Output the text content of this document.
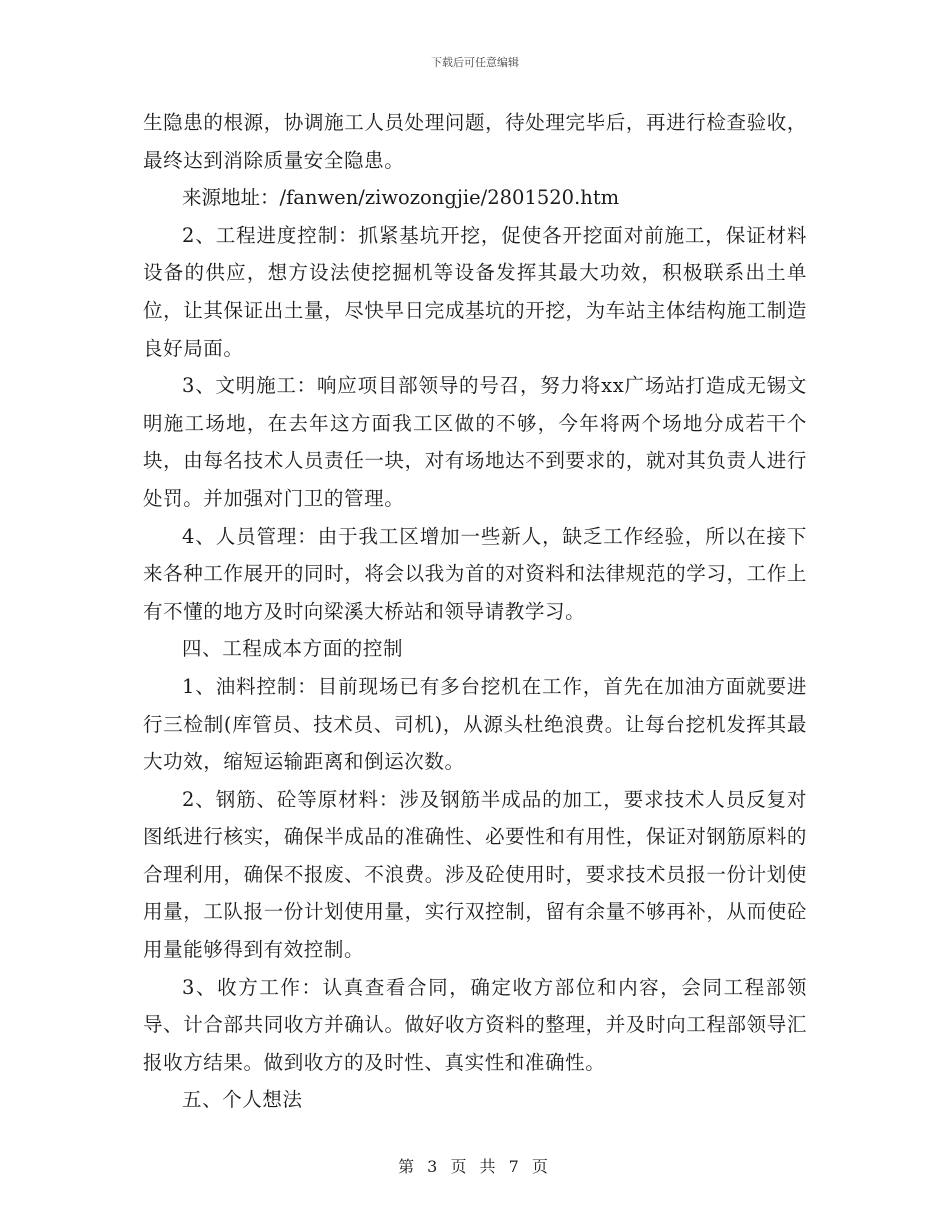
下载后可任意编辑

生隐患的根源，协调施工人员处理问题，待处理完毕后，再进行检查验收，最终达到消除质量安全隐患。

来源地址：/fanwen/ziwozongjie/2801520.htm

2、工程进度控制：抓紧基坑开挖，促使各开挖面对前施工，保证材料设备的供应，想方设法使挖掘机等设备发挥其最大功效，积极联系出土单位，让其保证出土量，尽快早日完成基坑的开挖，为车站主体结构施工制造良好局面。

3、文明施工：响应项目部领导的号召，努力将xx广场站打造成无锡文明施工场地，在去年这方面我工区做的不够，今年将两个场地分成若干个块，由每名技术人员责任一块，对有场地达不到要求的，就对其负责人进行处罚。并加强对门卫的管理。

4、人员管理：由于我工区增加一些新人，缺乏工作经验，所以在接下来各种工作展开的同时，将会以我为首的对资料和法律规范的学习，工作上有不懂的地方及时向梁溪大桥站和领导请教学习。

四、工程成本方面的控制

1、油料控制：目前现场已有多台挖机在工作，首先在加油方面就要进行三检制(库管员、技术员、司机)，从源头杜绝浪费。让每台挖机发挥其最大功效，缩短运输距离和倒运次数。

2、钢筋、砼等原材料：涉及钢筋半成品的加工，要求技术人员反复对图纸进行核实，确保半成品的准确性、必要性和有用性，保证对钢筋原料的合理利用，确保不报废、不浪费。涉及砼使用时，要求技术员报一份计划使用量，工队报一份计划使用量，实行双控制，留有余量不够再补，从而使砼用量能够得到有效控制。

3、收方工作：认真查看合同，确定收方部位和内容，会同工程部领导、计合部共同收方并确认。做好收方资料的整理，并及时向工程部领导汇报收方结果。做到收方的及时性、真实性和准确性。

五、个人想法

第 3 页 共 7 页
